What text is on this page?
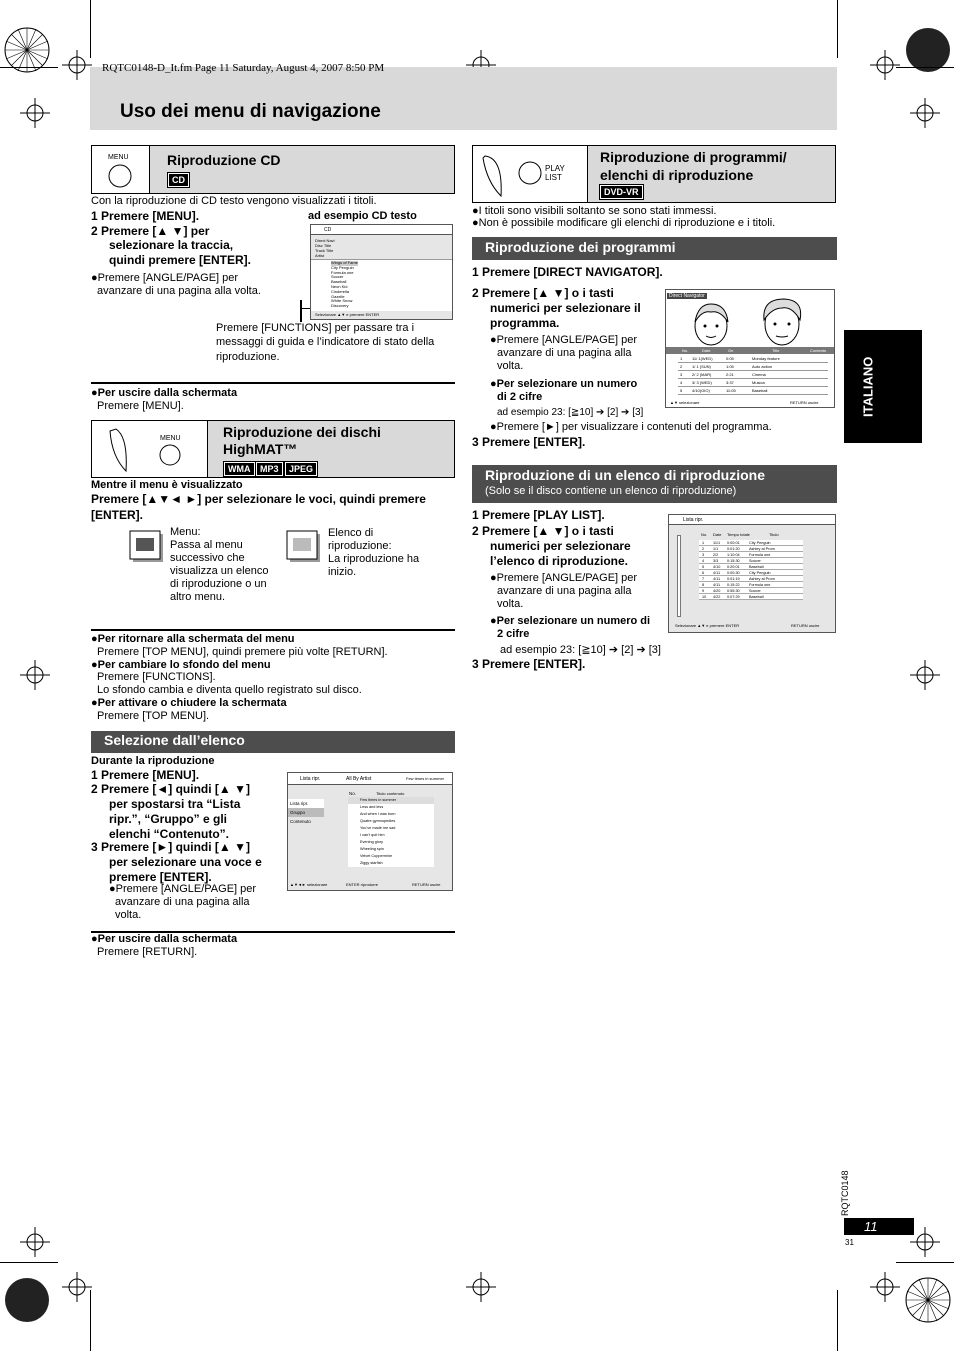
RQTC0148-D_It.fm Page 11 Saturday, August 4, 2007 8:50 PM
Uso dei menu di navigazione
ITALIANO
MENU	Riproduzione CD
CD
Con la riproduzione di CD testo vengono visualizzati i titoli.
1 Premere [MENU].
2 Premere [▲ ▼] per
selezionare la traccia,
quindi premere [ENTER].
●Premere [ANGLE/PAGE] per
avanzare di una pagina alla volta.
ad esempio CD testo
CD
Direct Navi
Disc Title
Track Title
Artist
Wings of Fame
City Penguin
Formula one
Soccer
Baseball
Neon Kid
Cinderella
Gazelle
White Snow
Discovery
Selezionare ▲▼ e premere ENTER
Premere [FUNCTIONS] per passare tra i
messaggi di guida e l’indicatore di stato della
riproduzione.
●Per uscire dalla schermata
Premere [MENU].
MENU	Riproduzione dei dischi
HighMAT™
WMA	MP3	JPEG
Mentre il menu è visualizzato
Premere [▲▼◄ ►] per selezionare le voci, quindi premere
[ENTER].
Menu:
Passa al menu
successivo che
visualizza un elenco
di riproduzione o un
altro menu.
Elenco di
riproduzione:
La riproduzione ha
inizio.
●Per ritornare alla schermata del menu
Premere [TOP MENU], quindi premere più volte [RETURN].
●Per cambiare lo sfondo del menu
Premere [FUNCTIONS].
Lo sfondo cambia e diventa quello registrato sul disco.
●Per attivare o chiudere la schermata
Premere [TOP MENU].
Selezione dall’elenco
Durante la riproduzione
1 Premere [MENU].
2 Premere [◄] quindi [▲ ▼]
per spostarsi tra “Lista
ripr.”, “Gruppo” e gli
elenchi “Contenuto”.
3 Premere [►] quindi [▲ ▼]
per selezionare una voce e
premere [ENTER].
●Premere [ANGLE/PAGE] per
avanzare di una pagina alla
volta.
Lista ripr.	All By Artist	Few times in summer
Lista ripr.
Gruppo
Contenuto
No.	Titolo contenuto
Few times in summer
Less and less
And when I was born
Quatre gymnopedies
You’ve made me sad
I can’t quit him
Evening glory
Wheeling spin
Velvet Cuppermine
Ziggy starfish
▲▼◄► selezionare	ENTER riprodurre	RETURN uscire
●Per uscire dalla schermata
Premere [RETURN].
PLAY LIST
Riproduzione di programmi/
elenchi di riproduzione
DVD-VR
●I titoli sono visibili soltanto se sono stati immessi.
●Non è possibile modificare gli elenchi di riproduzione e i titoli.
Riproduzione dei programmi
1 Premere [DIRECT NAVIGATOR].
2 Premere [▲ ▼] o i tasti
numerici per selezionare il
programma.
●Premere [ANGLE/PAGE] per
avanzare di una pagina alla
volta.
●Per selezionare un numero
di 2 cifre
ad esempio 23: [≧10] ➔ [2] ➔ [3]
●Premere [►] per visualizzare i contenuti del programma.
3 Premere [ENTER].
Direct Navigator
No.	Date	On	Title	Contents
1 11/ 1(WED)	0:05	Monday feature
2 1/ 1 (SUN)	1:05	Auto action
3 2/ 2 (MAR)	2:21	Cinema
4 3/ 3 (WED)	3:37	Musica
5 4/10(GIO)	11:05	Baseball
▲▼ selezionare	RETURN uscire
Riproduzione di un elenco di riproduzione
(Solo se il disco contiene un elenco di riproduzione)
1 Premere [PLAY LIST].
2 Premere [▲ ▼] o i tasti
numerici per selezionare
l’elenco di riproduzione.
●Premere [ANGLE/PAGE] per
avanzare di una pagina alla
volta.
●Per selezionare un numero di
2 cifre
ad esempio 23: [≧10] ➔ [2] ➔ [3]
3 Premere [ENTER].
Lista ripr.
No. Date Tempo totale	Titolo
1 11/1 0:00:01 City Penguin
2 1/1 0:01:20 Ashley at Prom
3 2/2 1:10:04 Formula one
4 3/3 0:15:30 Soccer
5 4/10 0:20:01 Baseball
6 4/11 0:00:30 City Penguin
7 4/11 0:01:19 Ashley at Prom
8 4/11 0:15:22 Formula one
9 4/20 0:55:30 Soccer
10 4/22 0:07:29 Baseball
Selezionare ▲▼ e premere ENTER	RETURN uscire
RQTC0148
11
31
